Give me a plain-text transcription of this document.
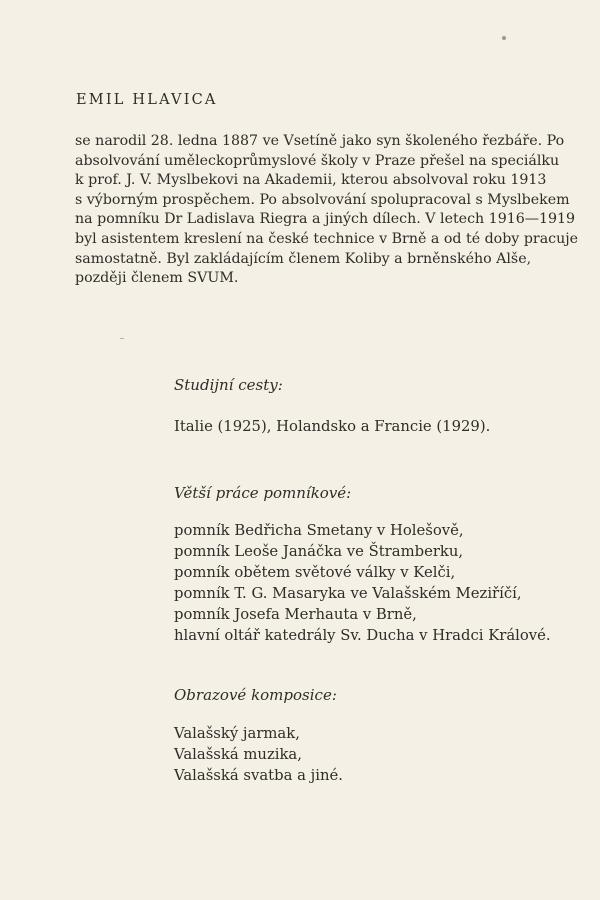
EMIL HLAVICA

se narodil 28. ledna 1887 ve Vsetíně jako syn školeného řezbáře. Po

absolvování uměleckoprůmyslové školy v Praze přešel na speciálku

k prof. J. V. Myslbekovi na Akademii, kterou absolvoval roku 1913

s výborným prospěchem. Po absolvování spolupracoval s Myslbekem

na pomníku Dr Ladislava Riegra a jiných dílech. V letech 1916—1919

byl asistentem kreslení na české technice v Brně a od té doby pracuje

samostatně. Byl zakládajícím členem Koliby a brněnského Alše,

později členem SVUM.

Studijní cesty:

Italie (1925), Holandsko a Francie (1929).

Větší práce pomníkové:

pomník Bedřicha Smetany v Holešově,

pomník Leoše Janáčka ve Štramberku,

pomník obětem světové války v Kelči,

pomník T. G. Masaryka ve Valašském Meziříčí,

pomník Josefa Merhauta v Brně,

hlavní oltář katedrály Sv. Ducha v Hradci Králové.

Obrazové komposice:

Valašský jarmak,

Valašská muzika,

Valašská svatba a jiné.
